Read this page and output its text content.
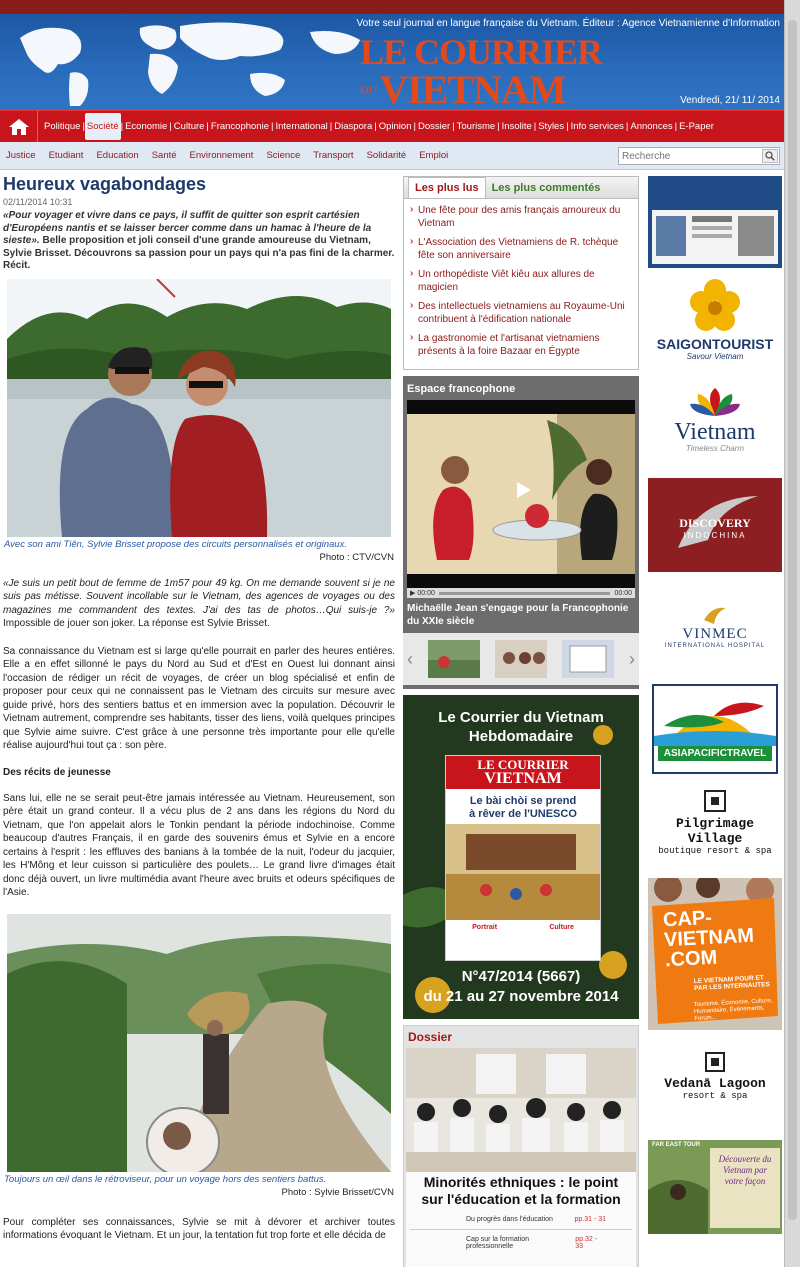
Votre seul journal en langue française du Vietnam. Éditeur : Agence Vietnamienne d'Information
LE COURRIER
DU VIETNAM	Vendredi, 21/ 11/ 2014
Politique | Société | Economie | Culture | Francophonie | International | Diaspora | Opinion | Dossier | Tourisme | Insolite | Styles | Info services | Annonces | E-Paper
Justice Etudiant Education Santé Environnement Science Transport Solidarité Emploi
Recherche
Heureux vagabondages
02/11/2014 10:31

«Pour voyager et vivre dans ce pays, il suffit de quitter son esprit cartésien d'Européens nantis et se laisser bercer comme dans un hamac à l'heure de la sieste». Belle proposition et joli conseil d'une grande amoureuse du Vietnam, Sylvie Brisset. Découvrons sa passion pour un pays qui n'a pas fini de la charmer. Récit.

Avec son ami Tiên, Sylvie Brisset propose des circuits personnalisés et originaux.
Photo : CTV/CVN

«Je suis un petit bout de femme de 1m57 pour 49 kg. On me demande souvent si je ne suis pas métisse. Souvent incollable sur le Vietnam, des agences de voyages ou des magazines me commandent des textes. J'ai des tas de photos…Qui suis-je ?» Impossible de jouer son joker. La réponse est Sylvie Brisset.

Sa connaissance du Vietnam est si large qu'elle pourrait en parler des heures entières. Elle a en effet sillonné le pays du Nord au Sud et d'Est en Ouest lui donnant ainsi l'occasion de rédiger un récit de voyages, de créer un blog spécialisé et enfin de proposer pour ceux qui ne connaissent pas le Vietnam des circuits sur mesure avec guide privé, hors des sentiers battus et en immersion avec la population. Découvrir le Vietnam autrement, comprendre ses habitants, tisser des liens, voilà quelques principes que Sylvie aime suivre. C'est grâce à une personne très importante pour elle qu'elle réalise aujourd'hui tout ça : son père.

Des récits de jeunesse

Sans lui, elle ne se serait peut-être jamais intéressée au Vietnam. Heureusement, son père était un grand conteur. Il a vécu plus de 2 ans dans les régions du Nord du Vietnam, que l'on appelait alors le Tonkin pendant la période indochinoise. Comme beaucoup d'autres Français, il en garde des souvenirs émus et Sylvie en a encore certains à l'esprit : les effluves des banians à la tombée de la nuit, l'odeur du jacquier, les H'Mông et leur cuisson si particulière des poulets… Le grand livre d'images était donc déjà ouvert, un livre multimédia avant l'heure avec bruits et odeurs spécifiques de l'Asie.

Toujours un œil dans le rétroviseur, pour un voyage hors des sentiers battus.
Photo : Sylvie Brisset/CVN

Pour compléter ses connaissances, Sylvie se mit à dévorer et archiver toutes informations évoquant le Vietnam. Et un jour, la tentation fut trop forte et elle décida de

Les plus lus	Les plus commentés
› Une fête pour des amis français amoureux du Vietnam
› L'Association des Vietnamiens de R. tchèque fête son anniversaire
› Un orthopédiste Viêt kiêu aux allures de magicien
› Des intellectuels vietnamiens au Royaume-Uni contribuent à l'édification nationale
› La gastronomie et l'artisanat vietnamiens présents à la foire Bazaar en Égypte
Espace francophone
▶
00:00	00:00
Michaëlle Jean s'engage pour la Francophonie du XXIe siècle
‹	›
Le Courrier du Vietnam
Hebdomadaire
LE COURRIER
VIETNAM
Le bài chòi se prend
à rêver de l'UNESCO
Portrait	Culture
N°47/2014 (5667)
du 21 au 27 novembre 2014
Dossier
Minorités ethniques : le point
sur l'éducation et la formation
Du progrès dans l'éducation	pp.31 - 31
Cap sur la formation professionnelle
pp.32 - 33
SAIGONTOURIST
Savour Vietnam
Vietnam
Timeless Charm
DISCOVERY
INDOCHINA
VINMEC
INTERNATIONAL HOSPITAL
ASIAPACIFICTRAVEL
Pilgrimage Village
boutique resort & spa
CAP-
VIETNAM
.COM
LE VIETNAM POUR ET PAR LES INTERNAUTES
Tourisme, Économie, Culture, Humanitaire, Événements, Forum...
Vedanā Lagoon
resort & spa
FAR EAST TOUR
Découverte du Vietnam par votre façon
